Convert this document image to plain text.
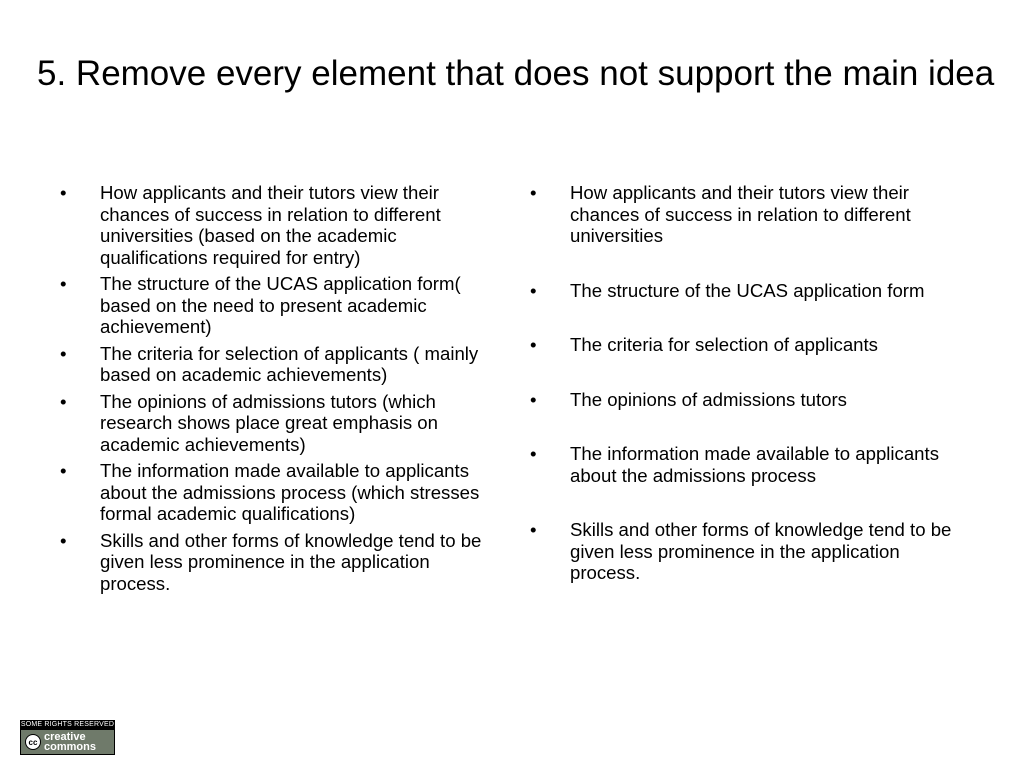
5. Remove every element that does not support the main idea
• How applicants and their tutors view their chances of success in relation to different universities (based on the academic qualifications required for entry)
• The structure of the UCAS application form( based on the need to present academic achievement)
• The criteria for selection of applicants ( mainly based on academic achievements)
• The opinions of admissions tutors (which research shows place great emphasis on academic achievements)
• The information made available to applicants about the admissions process (which stresses formal academic qualifications)
• Skills and other forms of knowledge tend to be given less prominence in the application process.
• How applicants and their tutors view their chances of success in relation to different universities
• The structure of the UCAS application form
• The criteria for selection of applicants
• The opinions of admissions tutors
• The information made available to applicants about the admissions process
• Skills and other forms of knowledge tend to be given less prominence in the application process.
SOME RIGHTS RESERVED
cc creative
commons
